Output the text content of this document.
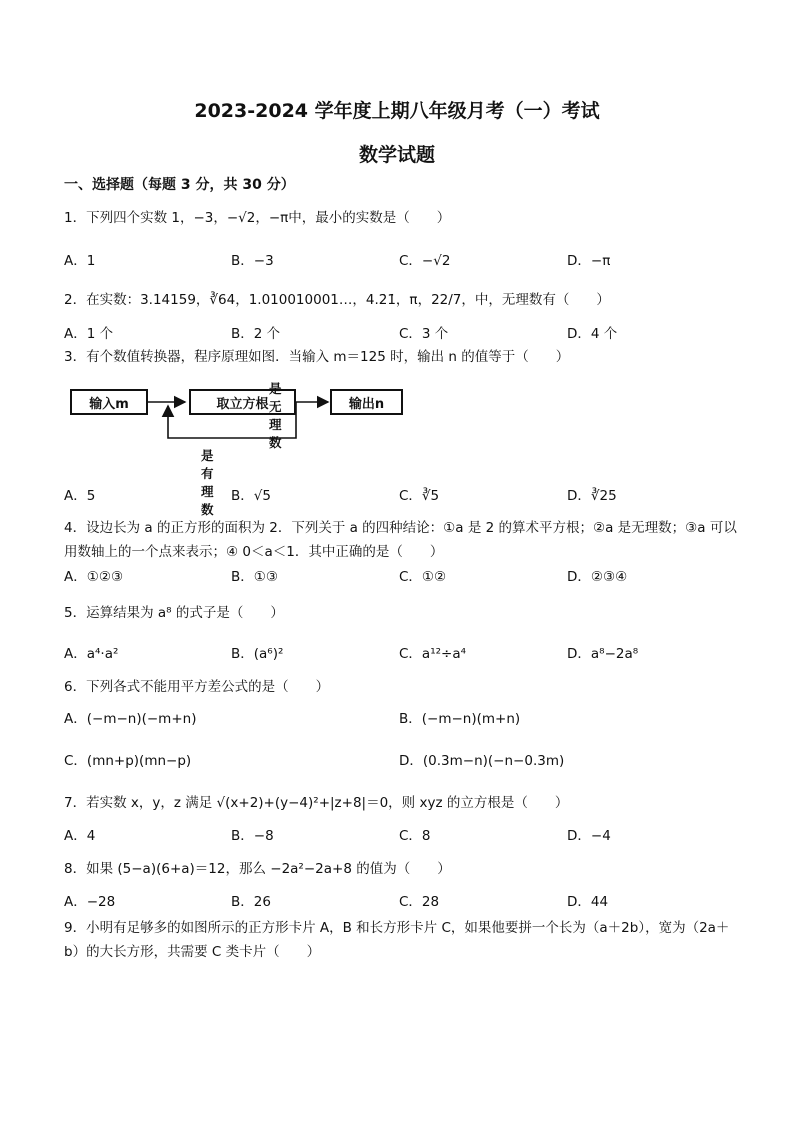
2023-2024 学年度上期八年级月考（一）考试
数学试题
一、选择题（每题 3 分，共 30 分）
1．下列四个实数 1，−3，−√2，−π中，最小的实数是（　　）
A．1	B．−3	C．−√2	D．−π
2．在实数：3.14159，∛64，1.010010001…，4.2̇1̇，π，22/7，中，无理数有（　　）
A．1 个	B．2 个	C．3 个	D．4 个
3．有个数值转换器，程序原理如图．当输入 m＝125 时，输出 n 的值等于（　　）
输入m	取立方根	输出n
是无理数
是有理数
A．5	B．√5	C．∛5	D．∛25
4．设边长为 a 的正方形的面积为 2．下列关于 a 的四种结论：①a 是 2 的算术平方根；②a 是无理数；③a 可以用数轴上的一个点来表示；④ 0＜a＜1．其中正确的是（　　）
A．①②③	B．①③	C．①②	D．②③④
5．运算结果为 a⁸ 的式子是（　　）
A．a⁴·a²	B．(a⁶)²	C．a¹²÷a⁴	D．a⁸−2a⁸
6．下列各式不能用平方差公式的是（　　）
A．(−m−n)(−m+n)	B．(−m−n)(m+n)
C．(mn+p)(mn−p)	D．(0.3m−n)(−n−0.3m)
7．若实数 x，y，z 满足 √(x+2)+(y−4)²+|z+8|＝0，则 xyz 的立方根是（　　）
A．4	B．−8	C．8	D．−4
8．如果 (5−a)(6+a)＝12，那么 −2a²−2a+8 的值为（　　）
A．−28	B．26	C．28	D．44
9．小明有足够多的如图所示的正方形卡片 A，B 和长方形卡片 C，如果他要拼一个长为（a＋2b），宽为（2a＋b）的大长方形，共需要 C 类卡片（　　）
